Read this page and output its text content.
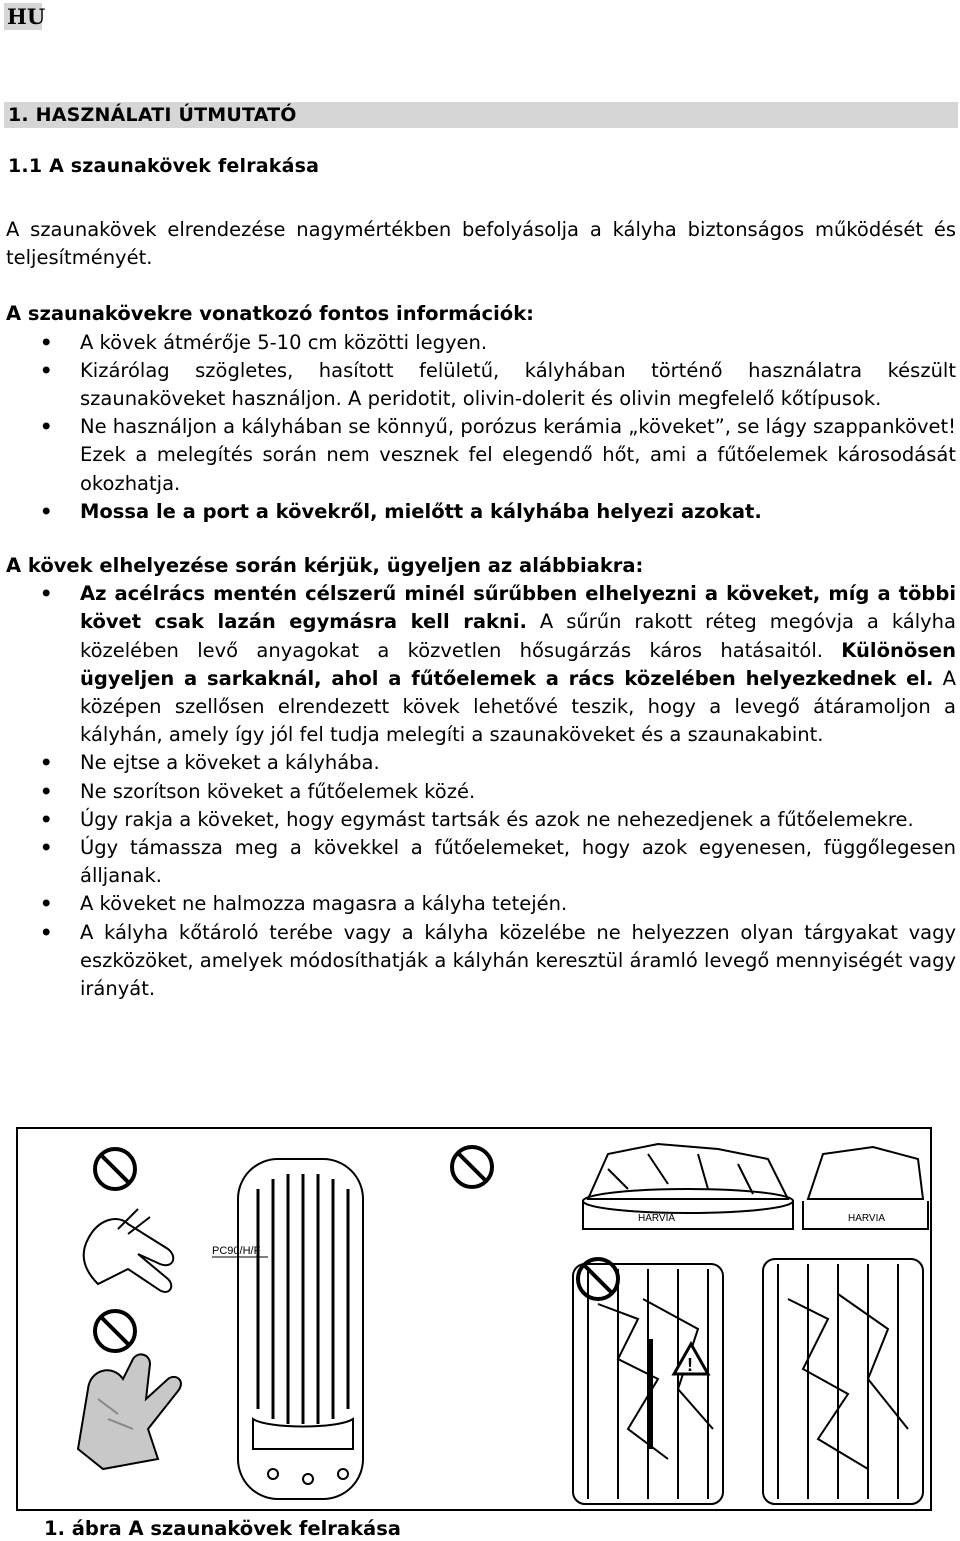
HU
1. HASZNÁLATI ÚTMUTATÓ
1.1 A szaunakövek felrakása

A szaunakövek elrendezése nagymértékben befolyásolja a kályha biztonságos működését és teljesítményét.

A szaunakövekre vonatkozó fontos információk:

• A kövek átmérője 5-10 cm közötti legyen.
• Kizárólag szögletes, hasított felületű, kályhában történő használatra készült szaunaköveket használjon. A peridotit, olivin-dolerit és olivin megfelelő kőtípusok.
• Ne használjon a kályhában se könnyű, porózus kerámia „köveket”, se lágy szappankövet! Ezek a melegítés során nem vesznek fel elegendő hőt, ami a fűtőelemek károsodását okozhatja.
• Mossa le a port a kövekről, mielőtt a kályhába helyezi azokat.

A kövek elhelyezése során kérjük, ügyeljen az alábbiakra:

• Az acélrács mentén célszerű minél sűrűbben elhelyezni a köveket, míg a többi követ csak lazán egymásra kell rakni. A sűrűn rakott réteg megóvja a kályha közelében levő anyagokat a közvetlen hősugárzás káros hatásaitól. Különösen ügyeljen a sarkaknál, ahol a fűtőelemek a rács közelében helyezkednek el. A középen szellősen elrendezett kövek lehetővé teszik, hogy a levegő átáramoljon a kályhán, amely így jól fel tudja melegíti a szaunaköveket és a szaunakabint.
• Ne ejtse a köveket a kályhába.
• Ne szorítson köveket a fűtőelemek közé.
• Úgy rakja a köveket, hogy egymást tartsák és azok ne nehezedjenek a fűtőelemekre.
• Úgy támassza meg a kövekkel a fűtőelemeket, hogy azok egyenesen, függőlegesen álljanak.
• A köveket ne halmozza magasra a kályha tetején.
• A kályha kőtároló terébe vagy a kályha közelébe ne helyezzen olyan tárgyakat vagy eszközöket, amelyek módosíthatják a kályhán keresztül áramló levegő mennyiségét vagy irányát.
PC90/H/F
HARVIA	HARVIA
!
1. ábra A szaunakövek felrakása
